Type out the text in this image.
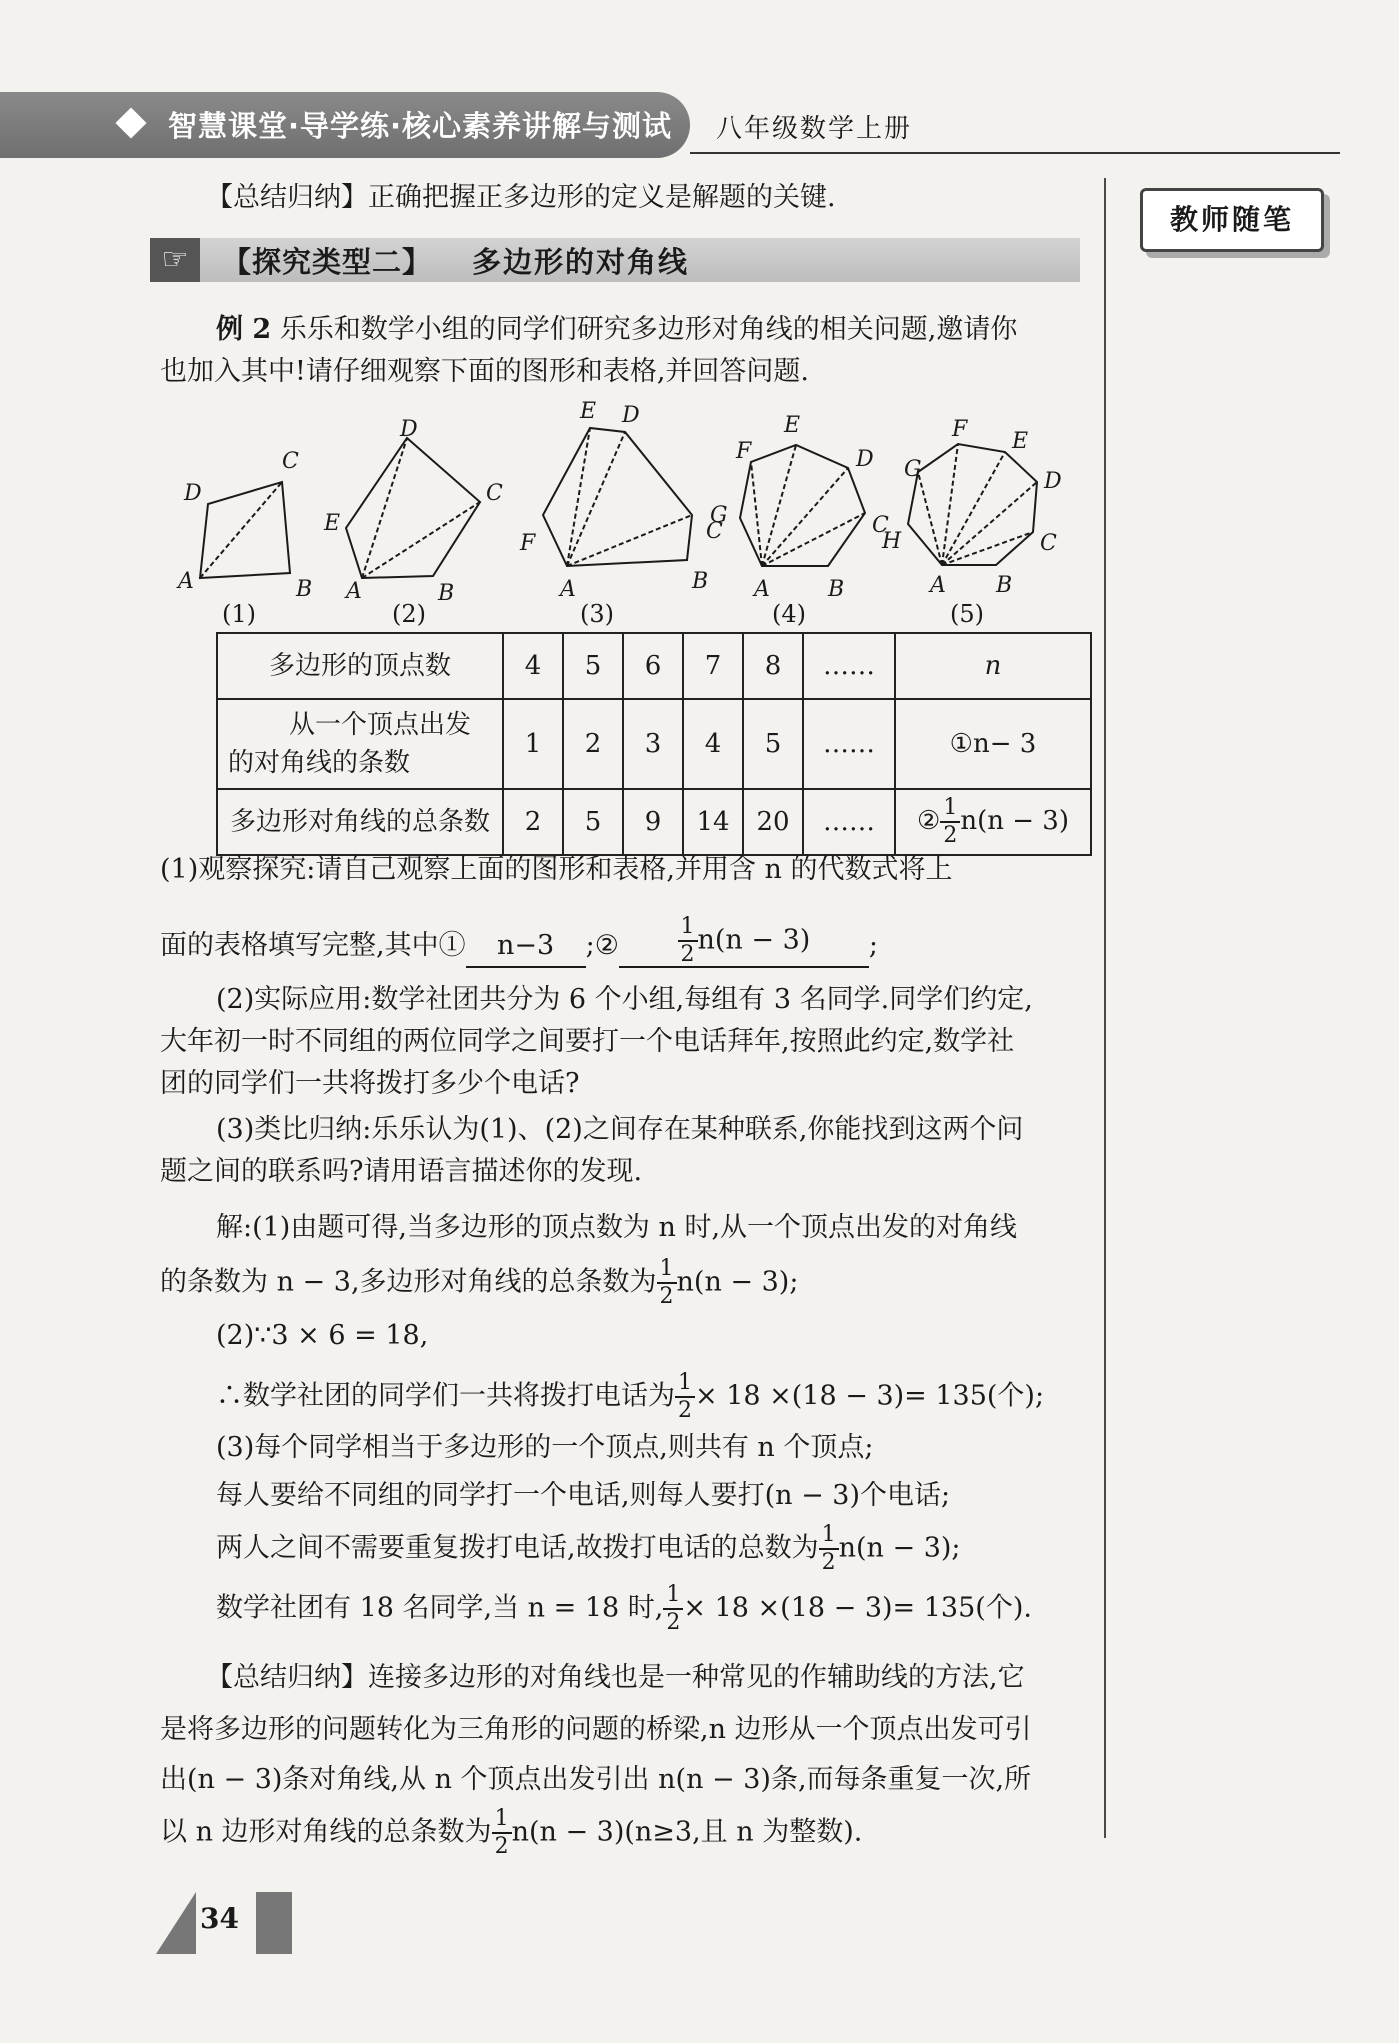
智慧课堂·导学练·核心素养讲解与测试 八年级数学上册
教师随笔
【总结归纳】正确把握正多边形的定义是解题的关键.
☞	【探究类型二】 多边形的对角线
例 2 乐乐和数学小组的同学们研究多边形对角线的相关问题,邀请你
也加入其中!请仔细观察下面的图形和表格,并回答问题.
A	B
C
D
A	B
C
D
E
A	B
C
D
E
F
A	B
C
D
E
F
G
A B
C
D
E
F
G
H
(1)	(2)	(3)	(4)	(5)
多边形的顶点数	4	5	6	7	8	……	n

从一个顶点出发
的对角线的条数	1	2	3	4	5	……	①n− 3
多边形对角线的总条数	2	5	9	14	20	……	② $\frac{1}{2} n(n - 3)$
(1)观察探究:请自己观察上面的图形和表格,并用含 n 的代数式将上
面的表格填写完整,其中① n−3 ;②	$\frac{1}{2} n(n - 3)$ ;
(2)实际应用:数学社团共分为 6 个小组,每组有 3 名同学.同学们约定,
大年初一时不同组的两位同学之间要打一个电话拜年,按照此约定,数学社
团的同学们一共将拨打多少个电话?
(3)类比归纳:乐乐认为(1)、(2)之间存在某种联系,你能找到这两个问
题之间的联系吗?请用语言描述你的发现.
解:(1)由题可得,当多边形的顶点数为 n 时,从一个顶点出发的对角线
的条数为 n − 3,多边形对角线的总条数为 $\frac{1}{2} n(n - 3)$;
(2)∵3 × 6 = 18,
∴数学社团的同学们一共将拨打电话为 $\frac{1}{2} \times 18 \times(18 - 3)= 135$(个);
(3)每个同学相当于多边形的一个顶点,则共有 n 个顶点;
每人要给不同组的同学打一个电话,则每人要打(n − 3)个电话;
两人之间不需要重复拨打电话,故拨打电话的总数为 $\frac{1}{2} n(n - 3)$;
数学社团有 18 名同学,当 n = 18 时, $\frac{1}{2} \times 18 \times(18 - 3)= 135$(个).
【总结归纳】连接多边形的对角线也是一种常见的作辅助线的方法,它
是将多边形的问题转化为三角形的问题的桥梁,n 边形从一个顶点出发可引
出(n − 3)条对角线,从 n 个顶点出发引出 n(n − 3)条,而每条重复一次,所
以 n 边形对角线的总条数为 $\frac{1}{2} n(n - 3)(n\ge 3$,且 n 为整数).
34
